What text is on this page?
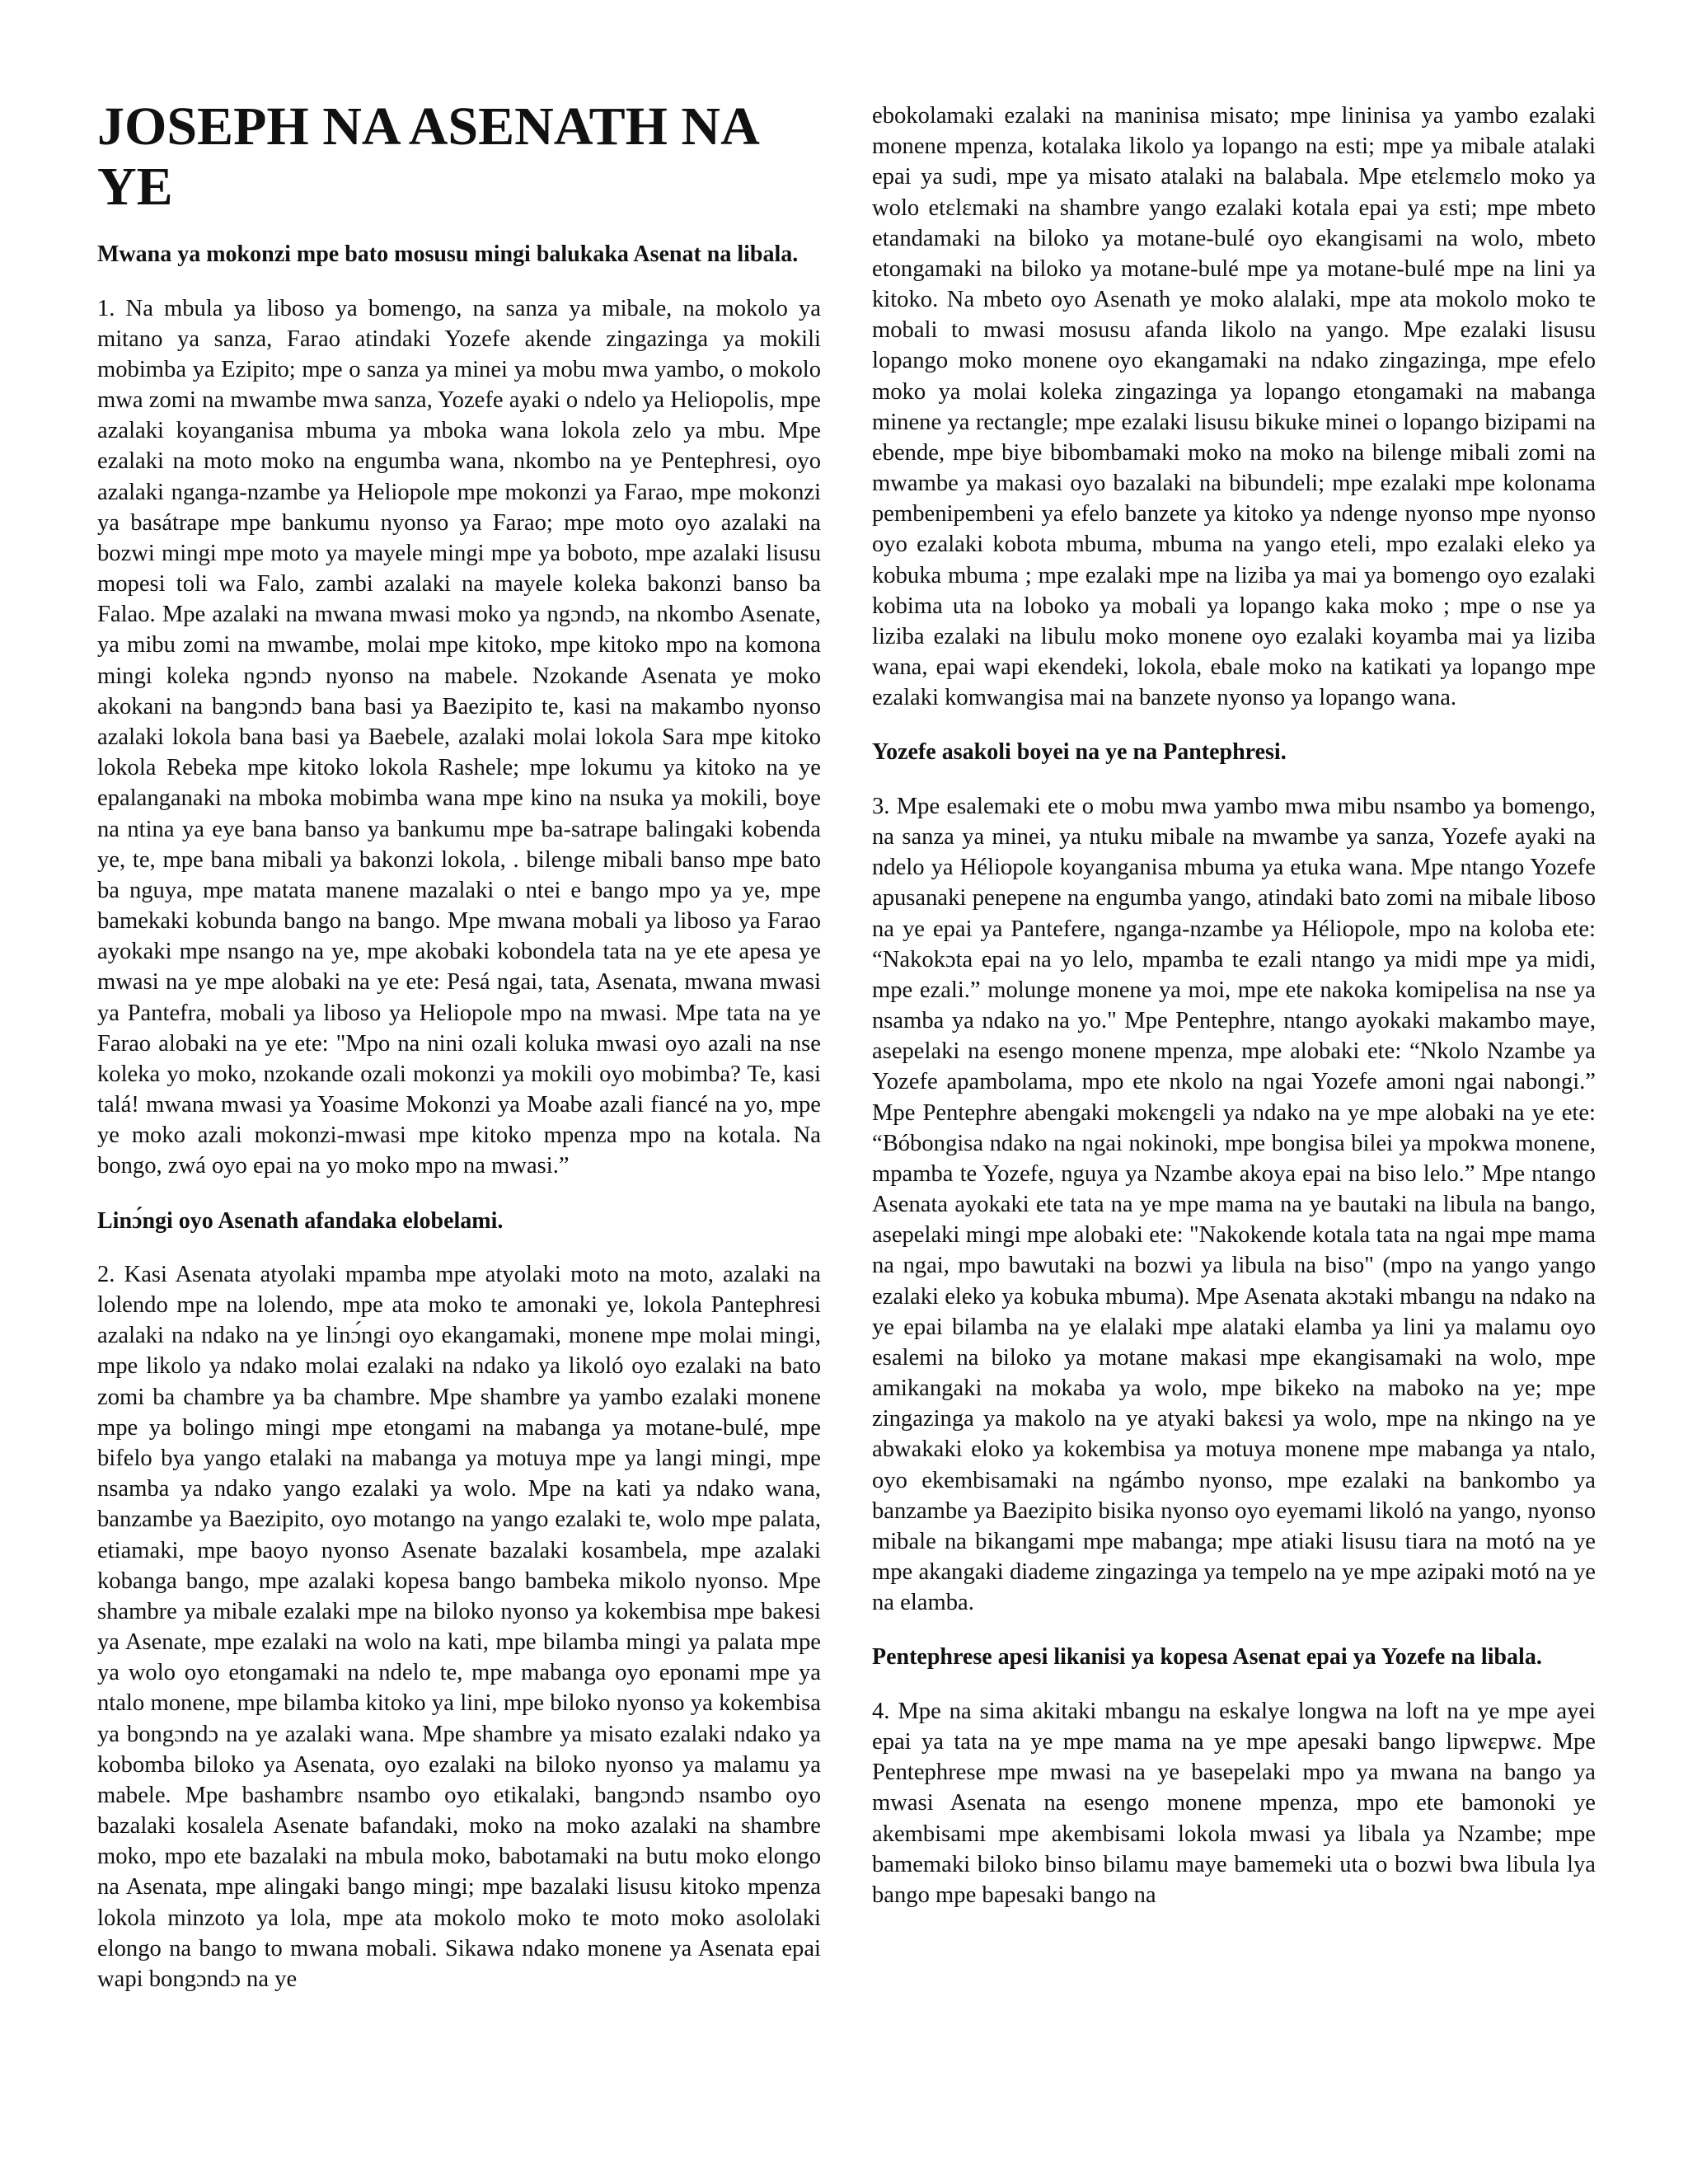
JOSEPH NA ASENATH NA YE
Mwana ya mokonzi mpe bato mosusu mingi balukaka Asenat na libala.

1. Na mbula ya liboso ya bomengo, na sanza ya mibale, na mokolo ya mitano ya sanza, Farao atindaki Yozefe akende zingazinga ya mokili mobimba ya Ezipito; mpe o sanza ya minei ya mobu mwa yambo, o mokolo mwa zomi na mwambe mwa sanza, Yozefe ayaki o ndelo ya Heliopolis, mpe azalaki koyanganisa mbuma ya mboka wana lokola zelo ya mbu. Mpe ezalaki na moto moko na engumba wana, nkombo na ye Pentephresi, oyo azalaki nganga-nzambe ya Heliopole mpe mokonzi ya Farao, mpe mokonzi ya basátrape mpe bankumu nyonso ya Farao; mpe moto oyo azalaki na bozwi mingi mpe moto ya mayele mingi mpe ya boboto, mpe azalaki lisusu mopesi toli wa Falo, zambi azalaki na mayele koleka bakonzi banso ba Falao. Mpe azalaki na mwana mwasi moko ya ngɔndɔ, na nkombo Asenate, ya mibu zomi na mwambe, molai mpe kitoko, mpe kitoko mpo na komona mingi koleka ngɔndɔ nyonso na mabele. Nzokande Asenata ye moko akokani na bangɔndɔ bana basi ya Baezipito te, kasi na makambo nyonso azalaki lokola bana basi ya Baebele, azalaki molai lokola Sara mpe kitoko lokola Rebeka mpe kitoko lokola Rashele; mpe lokumu ya kitoko na ye epalanganaki na mboka mobimba wana mpe kino na nsuka ya mokili, boye na ntina ya eye bana banso ya bankumu mpe ba-satrape balingaki kobenda ye, te, mpe bana mibali ya bakonzi lokola, . bilenge mibali banso mpe bato ba nguya, mpe matata manene mazalaki o ntei e bango mpo ya ye, mpe bamekaki kobunda bango na bango. Mpe mwana mobali ya liboso ya Farao ayokaki mpe nsango na ye, mpe akobaki kobondela tata na ye ete apesa ye mwasi na ye mpe alobaki na ye ete: Pesá ngai, tata, Asenata, mwana mwasi ya Pantefra, mobali ya liboso ya Heliopole mpo na mwasi. Mpe tata na ye Farao alobaki na ye ete: "Mpo na nini ozali koluka mwasi oyo azali na nse koleka yo moko, nzokande ozali mokonzi ya mokili oyo mobimba? Te, kasi talá! mwana mwasi ya Yoasime Mokonzi ya Moabe azali fiancé na yo, mpe ye moko azali mokonzi-mwasi mpe kitoko mpenza mpo na kotala. Na bongo, zwá oyo epai na yo moko mpo na mwasi.”

Linɔ́ngi oyo Asenath afandaka elobelami.

2. Kasi Asenata atyolaki mpamba mpe atyolaki moto na moto, azalaki na lolendo mpe na lolendo, mpe ata moko te amonaki ye, lokola Pantephresi azalaki na ndako na ye linɔ́ngi oyo ekangamaki, monene mpe molai mingi, mpe likolo ya ndako molai ezalaki na ndako ya likoló oyo ezalaki na bato zomi ba chambre ya ba chambre. Mpe shambre ya yambo ezalaki monene mpe ya bolingo mingi mpe etongami na mabanga ya motane-bulé, mpe bifelo bya yango etalaki na mabanga ya motuya mpe ya langi mingi, mpe nsamba ya ndako yango ezalaki ya wolo. Mpe na kati ya ndako wana, banzambe ya Baezipito, oyo motango na yango ezalaki te, wolo mpe palata, etiamaki, mpe baoyo nyonso Asenate bazalaki kosambela, mpe azalaki kobanga bango, mpe azalaki kopesa bango bambeka mikolo nyonso. Mpe shambre ya mibale ezalaki mpe na biloko nyonso ya kokembisa mpe bakesi ya Asenate, mpe ezalaki na wolo na kati, mpe bilamba mingi ya palata mpe ya wolo oyo etongamaki na ndelo te, mpe mabanga oyo eponami mpe ya ntalo monene, mpe bilamba kitoko ya lini, mpe biloko nyonso ya kokembisa ya bongɔndɔ na ye azalaki wana. Mpe shambre ya misato ezalaki ndako ya kobomba biloko ya Asenata, oyo ezalaki na biloko nyonso ya malamu ya mabele. Mpe bashambrɛ nsambo oyo etikalaki, bangɔndɔ nsambo oyo bazalaki kosalela Asenate bafandaki, moko na moko azalaki na shambre moko, mpo ete bazalaki na mbula moko, babotamaki na butu moko elongo na Asenata, mpe alingaki bango mingi; mpe bazalaki lisusu kitoko mpenza lokola minzoto ya lola, mpe ata mokolo moko te moto moko asololaki elongo na bango to mwana mobali. Sikawa ndako monene ya Asenata epai wapi bongɔndɔ na ye

ebokolamaki ezalaki na maninisa misato; mpe lininisa ya yambo ezalaki monene mpenza, kotalaka likolo ya lopango na esti; mpe ya mibale atalaki epai ya sudi, mpe ya misato atalaki na balabala. Mpe etɛlɛmɛlo moko ya wolo etɛlɛmaki na shambre yango ezalaki kotala epai ya ɛsti; mpe mbeto etandamaki na biloko ya motane-bulé oyo ekangisami na wolo, mbeto etongamaki na biloko ya motane-bulé mpe ya motane-bulé mpe na lini ya kitoko. Na mbeto oyo Asenath ye moko alalaki, mpe ata mokolo moko te mobali to mwasi mosusu afanda likolo na yango. Mpe ezalaki lisusu lopango moko monene oyo ekangamaki na ndako zingazinga, mpe efelo moko ya molai koleka zingazinga ya lopango etongamaki na mabanga minene ya rectangle; mpe ezalaki lisusu bikuke minei o lopango bizipami na ebende, mpe biye bibombamaki moko na moko na bilenge mibali zomi na mwambe ya makasi oyo bazalaki na bibundeli; mpe ezalaki mpe kolonama pembenipembeni ya efelo banzete ya kitoko ya ndenge nyonso mpe nyonso oyo ezalaki kobota mbuma, mbuma na yango eteli, mpo ezalaki eleko ya kobuka mbuma ; mpe ezalaki mpe na liziba ya mai ya bomengo oyo ezalaki kobima uta na loboko ya mobali ya lopango kaka moko ; mpe o nse ya liziba ezalaki na libulu moko monene oyo ezalaki koyamba mai ya liziba wana, epai wapi ekendeki, lokola, ebale moko na katikati ya lopango mpe ezalaki komwangisa mai na banzete nyonso ya lopango wana.

Yozefe asakoli boyei na ye na Pantephresi.

3. Mpe esalemaki ete o mobu mwa yambo mwa mibu nsambo ya bomengo, na sanza ya minei, ya ntuku mibale na mwambe ya sanza, Yozefe ayaki na ndelo ya Héliopole koyanganisa mbuma ya etuka wana. Mpe ntango Yozefe apusanaki penepene na engumba yango, atindaki bato zomi na mibale liboso na ye epai ya Pantefere, nganga-nzambe ya Héliopole, mpo na koloba ete: “Nakokɔta epai na yo lelo, mpamba te ezali ntango ya midi mpe ya midi, mpe ezali.” molunge monene ya moi, mpe ete nakoka komipelisa na nse ya nsamba ya ndako na yo." Mpe Pentephre, ntango ayokaki makambo maye, asepelaki na esengo monene mpenza, mpe alobaki ete: “Nkolo Nzambe ya Yozefe apambolama, mpo ete nkolo na ngai Yozefe amoni ngai nabongi.” Mpe Pentephre abengaki mokɛngɛli ya ndako na ye mpe alobaki na ye ete: “Bóbongisa ndako na ngai nokinoki, mpe bongisa bilei ya mpokwa monene, mpamba te Yozefe, nguya ya Nzambe akoya epai na biso lelo.” Mpe ntango Asenata ayokaki ete tata na ye mpe mama na ye bautaki na libula na bango, asepelaki mingi mpe alobaki ete: "Nakokende kotala tata na ngai mpe mama na ngai, mpo bawutaki na bozwi ya libula na biso" (mpo na yango yango ezalaki eleko ya kobuka mbuma). Mpe Asenata akɔtaki mbangu na ndako na ye epai bilamba na ye elalaki mpe alataki elamba ya lini ya malamu oyo esalemi na biloko ya motane makasi mpe ekangisamaki na wolo, mpe amikangaki na mokaba ya wolo, mpe bikeko na maboko na ye; mpe zingazinga ya makolo na ye atyaki bakɛsi ya wolo, mpe na nkingo na ye abwakaki eloko ya kokembisa ya motuya monene mpe mabanga ya ntalo, oyo ekembisamaki na ngámbo nyonso, mpe ezalaki na bankombo ya banzambe ya Baezipito bisika nyonso oyo eyemami likoló na yango, nyonso mibale na bikangami mpe mabanga; mpe atiaki lisusu tiara na motó na ye mpe akangaki diademe zingazinga ya tempelo na ye mpe azipaki motó na ye na elamba.

Pentephrese apesi likanisi ya kopesa Asenat epai ya Yozefe na libala.

4. Mpe na sima akitaki mbangu na eskalye longwa na loft na ye mpe ayei epai ya tata na ye mpe mama na ye mpe apesaki bango lipwɛpwɛ. Mpe Pentephrese mpe mwasi na ye basepelaki mpo ya mwana na bango ya mwasi Asenata na esengo monene mpenza, mpo ete bamonoki ye akembisami mpe akembisami lokola mwasi ya libala ya Nzambe; mpe bamemaki biloko binso bilamu maye bamemeki uta o bozwi bwa libula lya bango mpe bapesaki bango na
